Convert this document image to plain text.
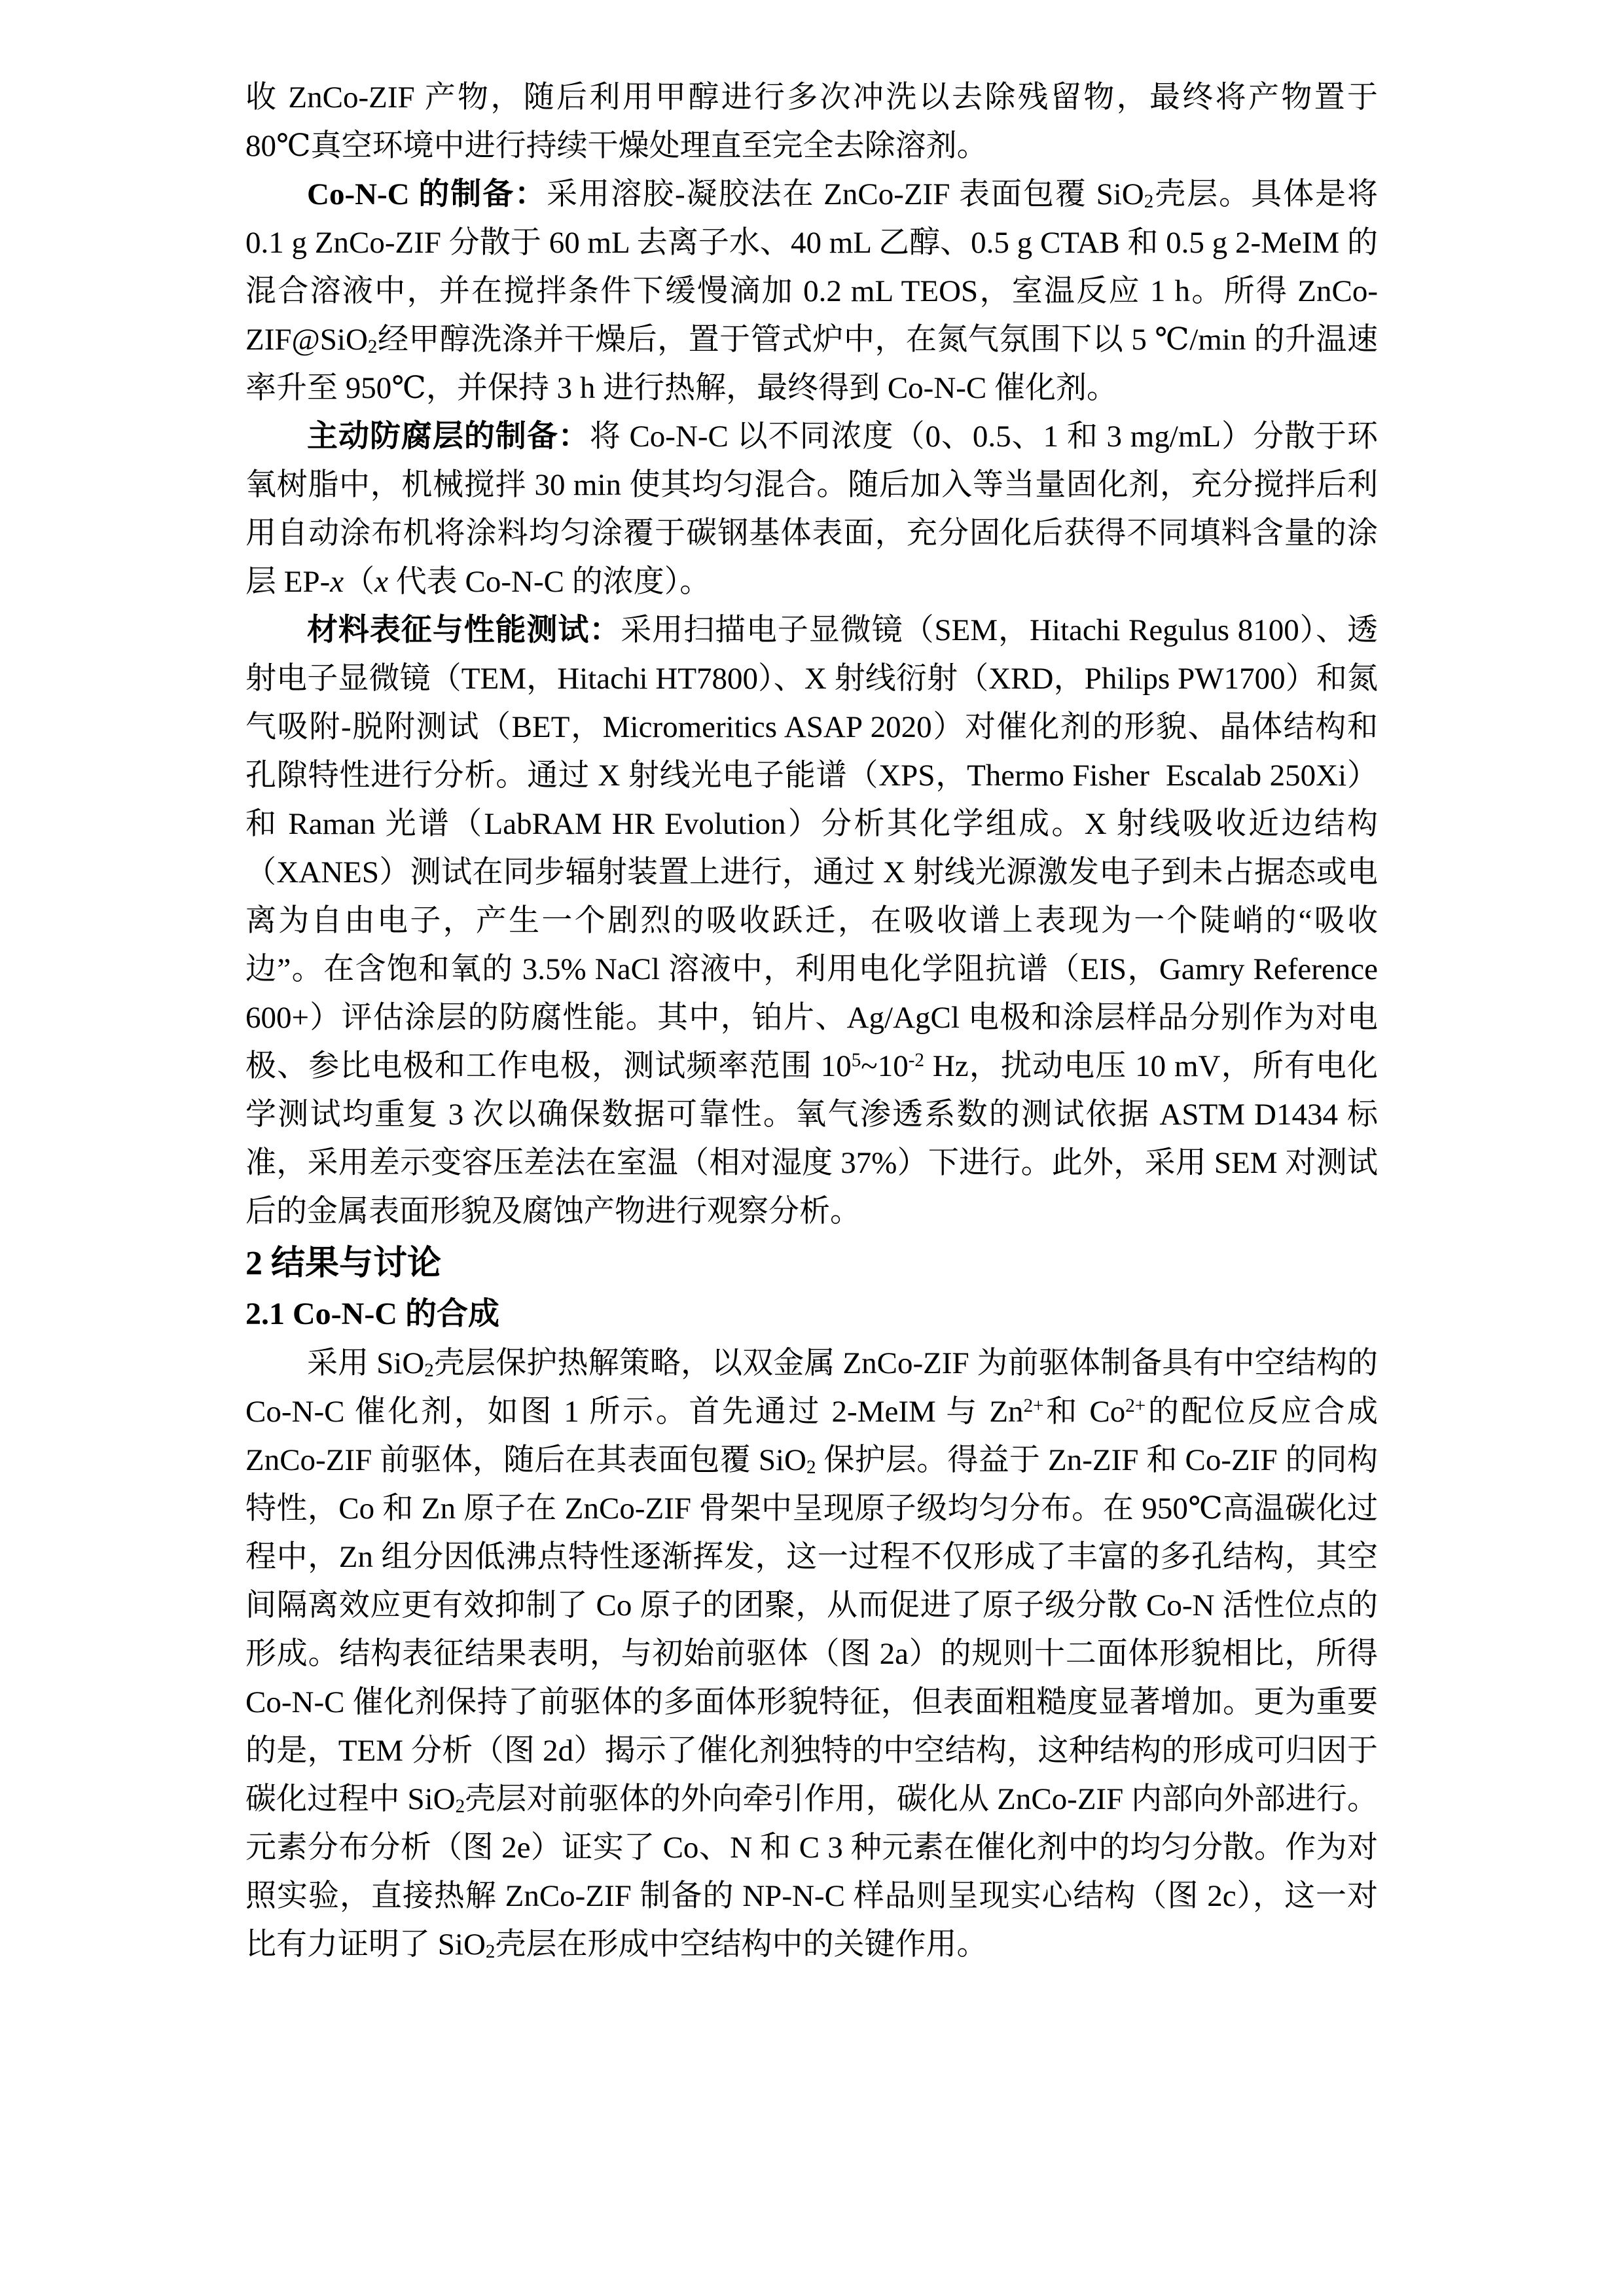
收 ZnCo-ZIF 产物，随后利用甲醇进行多次冲洗以去除残留物，最终将产物置于 80℃真空环境中进行持续干燥处理直至完全去除溶剂。

Co-N-C 的制备：采用溶胶-凝胶法在 ZnCo-ZIF 表面包覆 SiO$_2$壳层。具体是将 0.1 g ZnCo-ZIF 分散于 60 mL 去离子水、40 mL 乙醇、0.5 g CTAB 和 0.5 g 2-MeIM 的混合溶液中，并在搅拌条件下缓慢滴加 0.2 mL TEOS，室温反应 1 h。所得 ZnCo-ZIF@SiO$_2$经甲醇洗涤并干燥后，置于管式炉中，在氮气氛围下以 5 ℃/min 的升温速率升至 950℃，并保持 3 h 进行热解，最终得到 Co-N-C 催化剂。

主动防腐层的制备：将 Co-N-C 以不同浓度（0、0.5、1 和 3 mg/mL）分散于环氧树脂中，机械搅拌 30 min 使其均匀混合。随后加入等当量固化剂，充分搅拌后利用自动涂布机将涂料均匀涂覆于碳钢基体表面，充分固化后获得不同填料含量的涂层 EP-x（x 代表 Co-N-C 的浓度）。

材料表征与性能测试：采用扫描电子显微镜（SEM，Hitachi Regulus 8100）、透射电子显微镜（TEM，Hitachi HT7800）、X 射线衍射（XRD，Philips PW1700）和氮气吸附-脱附测试（BET，Micromeritics ASAP 2020）对催化剂的形貌、晶体结构和孔隙特性进行分析。通过 X 射线光电子能谱（XPS，Thermo Fisher  Escalab 250Xi）和 Raman 光谱（LabRAM HR Evolution）分析其化学组成。X 射线吸收近边结构（XANES）测试在同步辐射装置上进行，通过 X 射线光源激发电子到未占据态或电离为自由电子，产生一个剧烈的吸收跃迁，在吸收谱上表现为一个陡峭的“吸收边”。在含饱和氧的 3.5% NaCl 溶液中，利用电化学阻抗谱（EIS，Gamry Reference 600+）评估涂层的防腐性能。其中，铂片、Ag/AgCl 电极和涂层样品分别作为对电极、参比电极和工作电极，测试频率范围 $10^5\sim 10^{-2}$ Hz，扰动电压 10 mV，所有电化学测试均重复 3 次以确保数据可靠性。氧气渗透系数的测试依据 ASTM D1434 标准，采用差示变容压差法在室温（相对湿度 37%）下进行。此外，采用 SEM 对测试后的金属表面形貌及腐蚀产物进行观察分析。

2 结果与讨论
2.1 Co-N-C 的合成

采用 SiO$_2$壳层保护热解策略，以双金属 ZnCo-ZIF 为前驱体制备具有中空结构的 Co-N-C 催化剂，如图 1 所示。首先通过 2-MeIM 与 $Zn^{2+}$和 $Co^{2+}$的配位反应合成 ZnCo-ZIF 前驱体，随后在其表面包覆 SiO$_2$ 保护层。得益于 Zn-ZIF 和 Co-ZIF 的同构特性，Co 和 Zn 原子在 ZnCo-ZIF 骨架中呈现原子级均匀分布。在 950℃高温碳化过程中，Zn 组分因低沸点特性逐渐挥发，这一过程不仅形成了丰富的多孔结构，其空间隔离效应更有效抑制了 Co 原子的团聚，从而促进了原子级分散 Co-N 活性位点的形成。结构表征结果表明，与初始前驱体（图 2a）的规则十二面体形貌相比，所得 Co-N-C 催化剂保持了前驱体的多面体形貌特征，但表面粗糙度显著增加。更为重要的是，TEM 分析（图 2d）揭示了催化剂独特的中空结构，这种结构的形成可归因于碳化过程中 SiO$_2$壳层对前驱体的外向牵引作用，碳化从 ZnCo-ZIF 内部向外部进行。元素分布分析（图 2e）证实了 Co、N 和 C 3 种元素在催化剂中的均匀分散。作为对照实验，直接热解 ZnCo-ZIF 制备的 NP-N-C 样品则呈现实心结构（图 2c），这一对比有力证明了 SiO$_2$壳层在形成中空结构中的关键作用。
